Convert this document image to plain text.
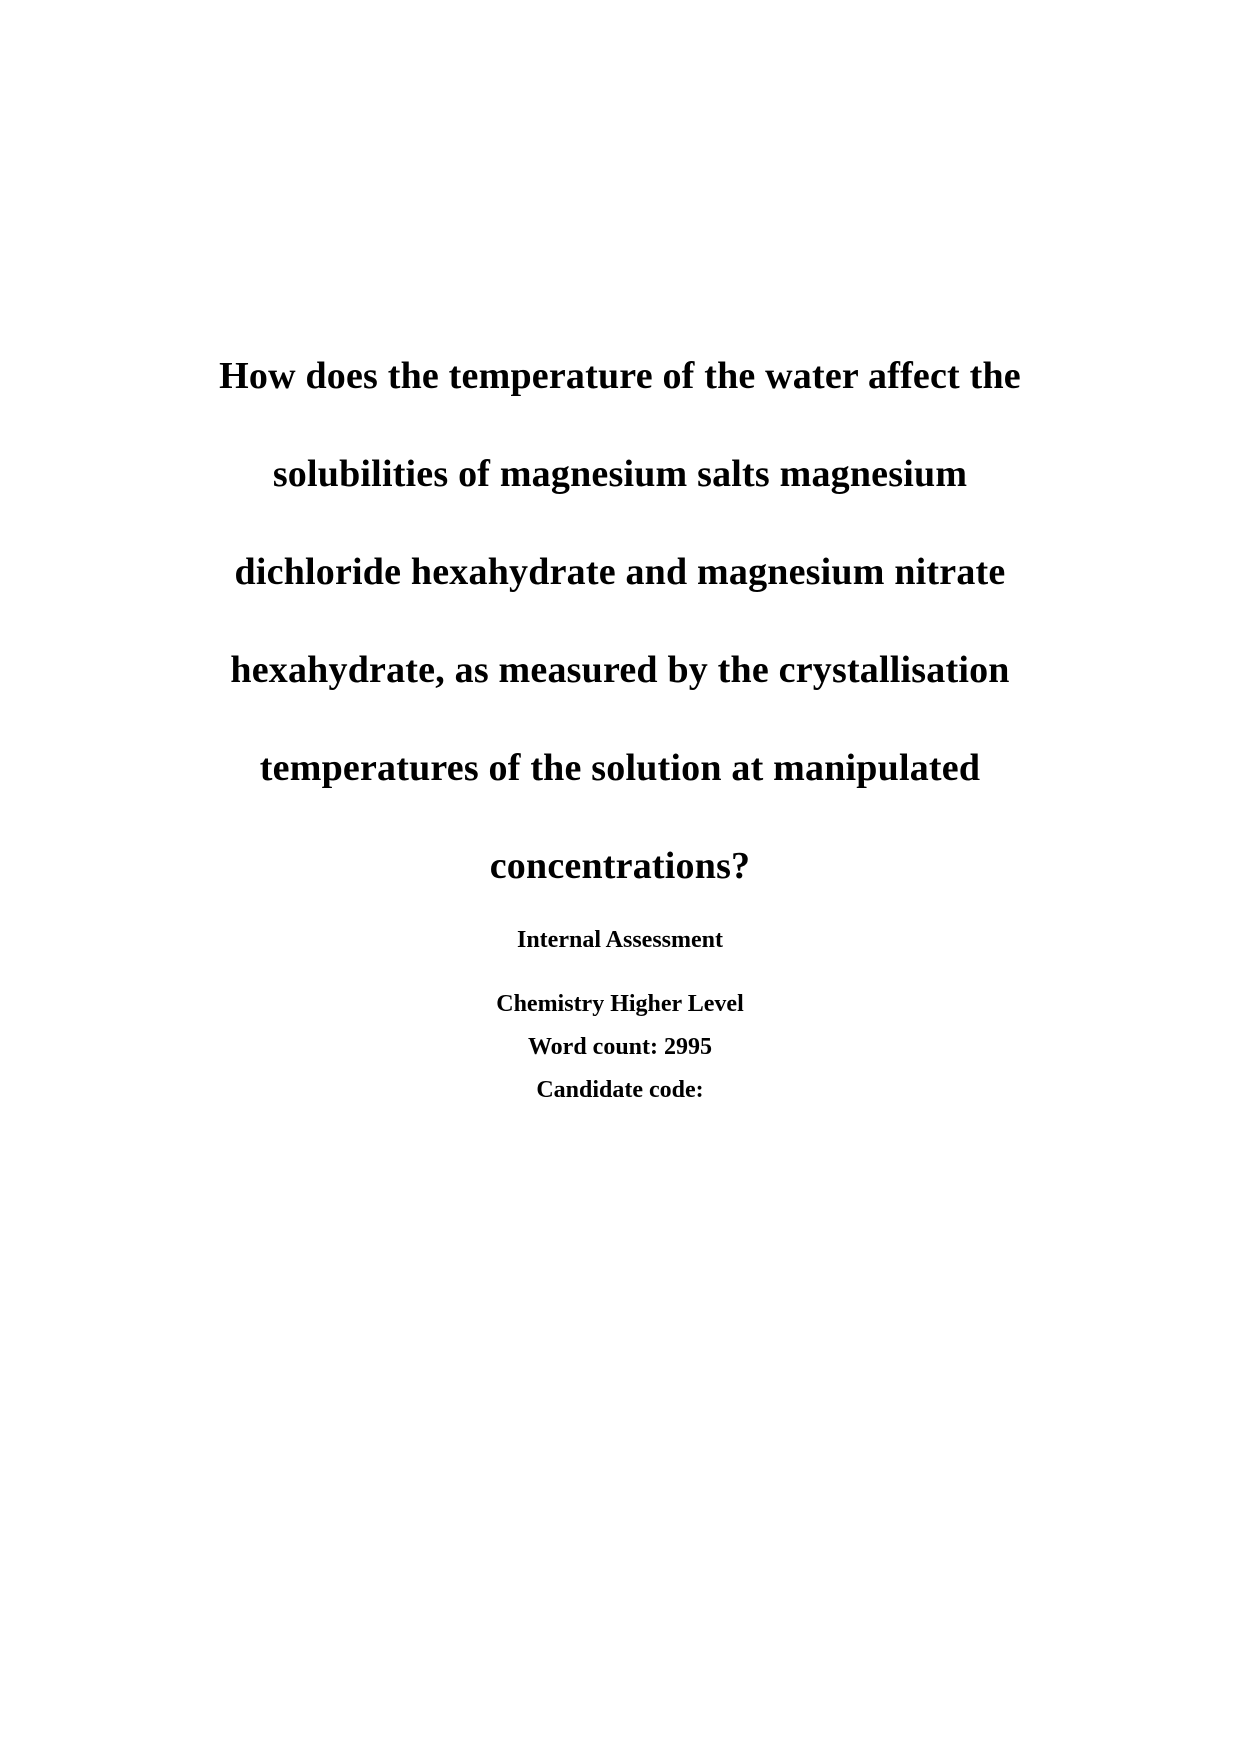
How does the temperature of the water affect the
solubilities of magnesium salts magnesium
dichloride hexahydrate and magnesium nitrate
hexahydrate, as measured by the crystallisation
temperatures of the solution at manipulated
concentrations?
Internal Assessment
Chemistry Higher Level
Word count: 2995
Candidate code:
